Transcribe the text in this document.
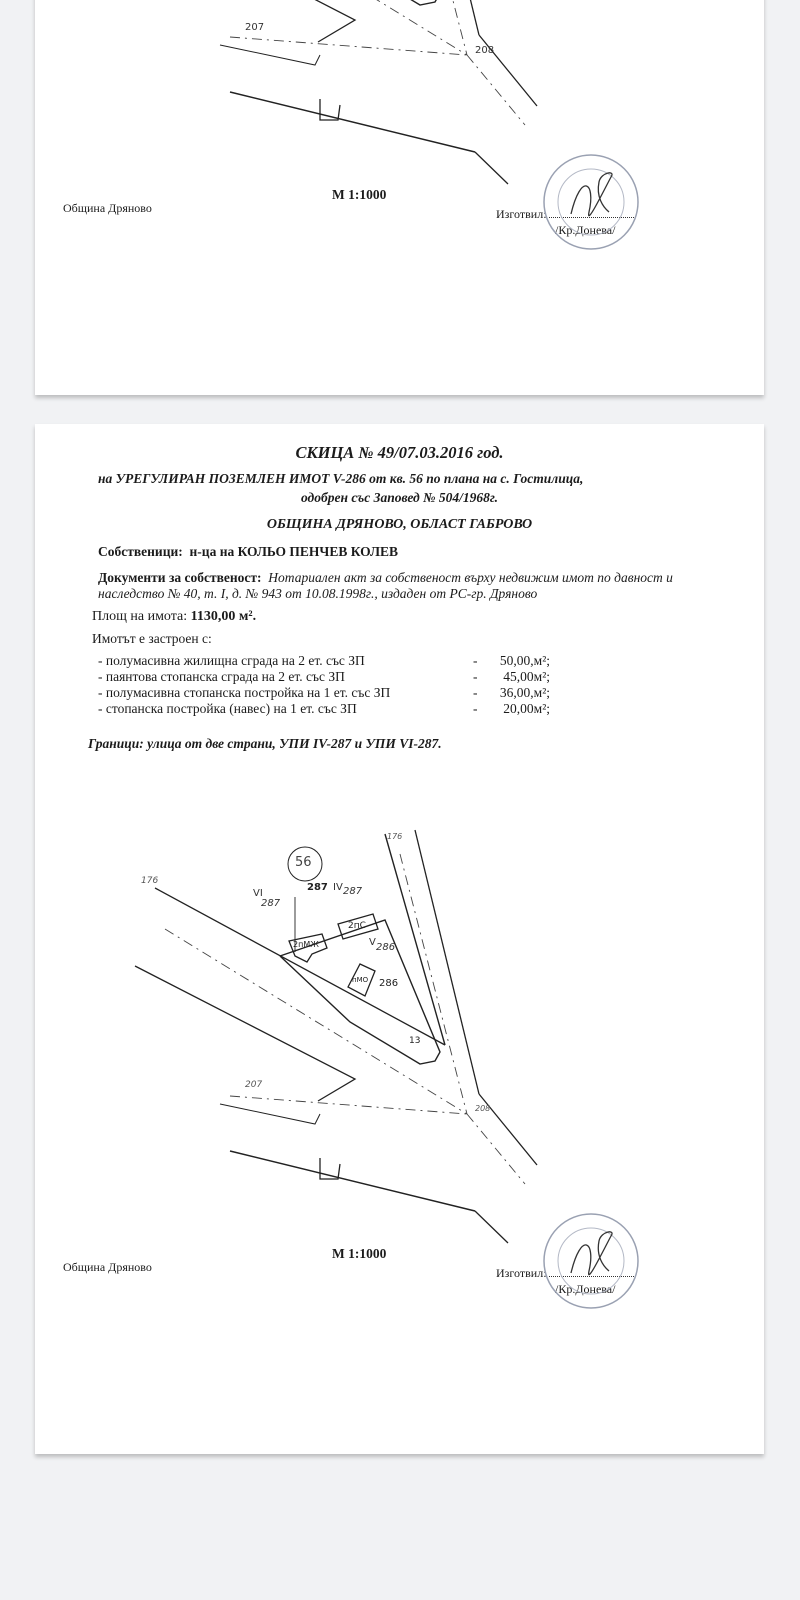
207
208
Община Дряново
М 1:1000
Изготвил:
/Кр.Донева/
СКИЦА № 49/07.03.2016 год.
на УРЕГУЛИРАН ПОЗЕМЛЕН ИМОТ V-286 от кв. 56 по плана на с. Гостилица,
одобрен със Заповед № 504/1968г.
ОБЩИНА ДРЯНОВО, ОБЛАСТ ГАБРОВО
Собственици: н-ца на КОЛЬО ПЕНЧЕВ КОЛЕВ
Документи за собственост: Нотариален акт за собственост върху недвижим имот по давност и наследство № 40, т. I, д. № 943 от 10.08.1998г., издаден от РС-гр. Дряново
Площ на имота: 1130,00 м².
Имотът е застроен с:
- полумасивна жилищна сграда на 2 ет. със ЗП	-	50,00,м²;
- паянтова стопанска сграда на 2 ет. със ЗП	-	45,00м²;
- полумасивна стопанска постройка на 1 ет. със ЗП	-	36,00,м²;
- стопанска постройка (навес) на 1 ет. със ЗП	-	20,00м²;
Граници: улица от две страни, УПИ IV-287 и УПИ VI-287.
56
VI
287
287 IV 287
V 286
286
2пМЖ
2пС
пМО
176
176
207
208
13
Община Дряново
М 1:1000
Изготвил:
/Кр.Донева/
